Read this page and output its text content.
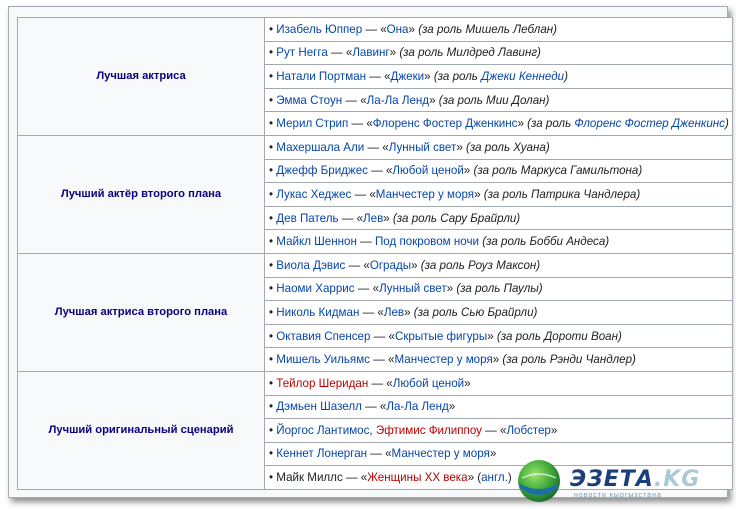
Лучшая актриса	• Изабель Юппер — «Она» (за роль Мишель Леблан)
	• Рут Негга — «Лавинг» (за роль Милдред Лавинг)
	• Натали Портман — «Джеки» (за роль Джеки Кеннеди)
	• Эмма Стоун — «Ла-Ла Ленд» (за роль Мии Долан)
	• Мерил Стрип — «Флоренс Фостер Дженкинс» (за роль Флоренс Фостер Дженкинс)
Лучший актёр второго плана	• Махершала Али — «Лунный свет» (за роль Хуана)
	• Джефф Бриджес — «Любой ценой» (за роль Маркуса Гамильтона)
	• Лукас Хеджес — «Манчестер у моря» (за роль Патрика Чандлера)
	• Дев Патель — «Лев» (за роль Сару Брайрли)
	• Майкл Шеннон — Под покровом ночи (за роль Бобби Андеса)
Лучшая актриса второго плана	• Виола Дэвис — «Ограды» (за роль Роуз Максон)
	• Наоми Харрис — «Лунный свет» (за роль Паулы)
	• Николь Кидман — «Лев» (за роль Сью Брайрли)
	• Октавия Спенсер — «Скрытые фигуры» (за роль Дороти Воан)
	• Мишель Уильямс — «Манчестер у моря» (за роль Рэнди Чандлер)
Лучший оригинальный сценарий	• Тейлор Шеридан — «Любой ценой»
	• Дэмьен Шазелл — «Ла-Ла Ленд»
	• Йоргос Лантимос, Эфтимис Филиппоу — «Лобстер»
	• Кеннет Лонерган — «Манчестер у моря»
	• Майк Миллс — «Женщины XX века» (англ.)	ЭЗЕТА.KG
новости кыргызстана
